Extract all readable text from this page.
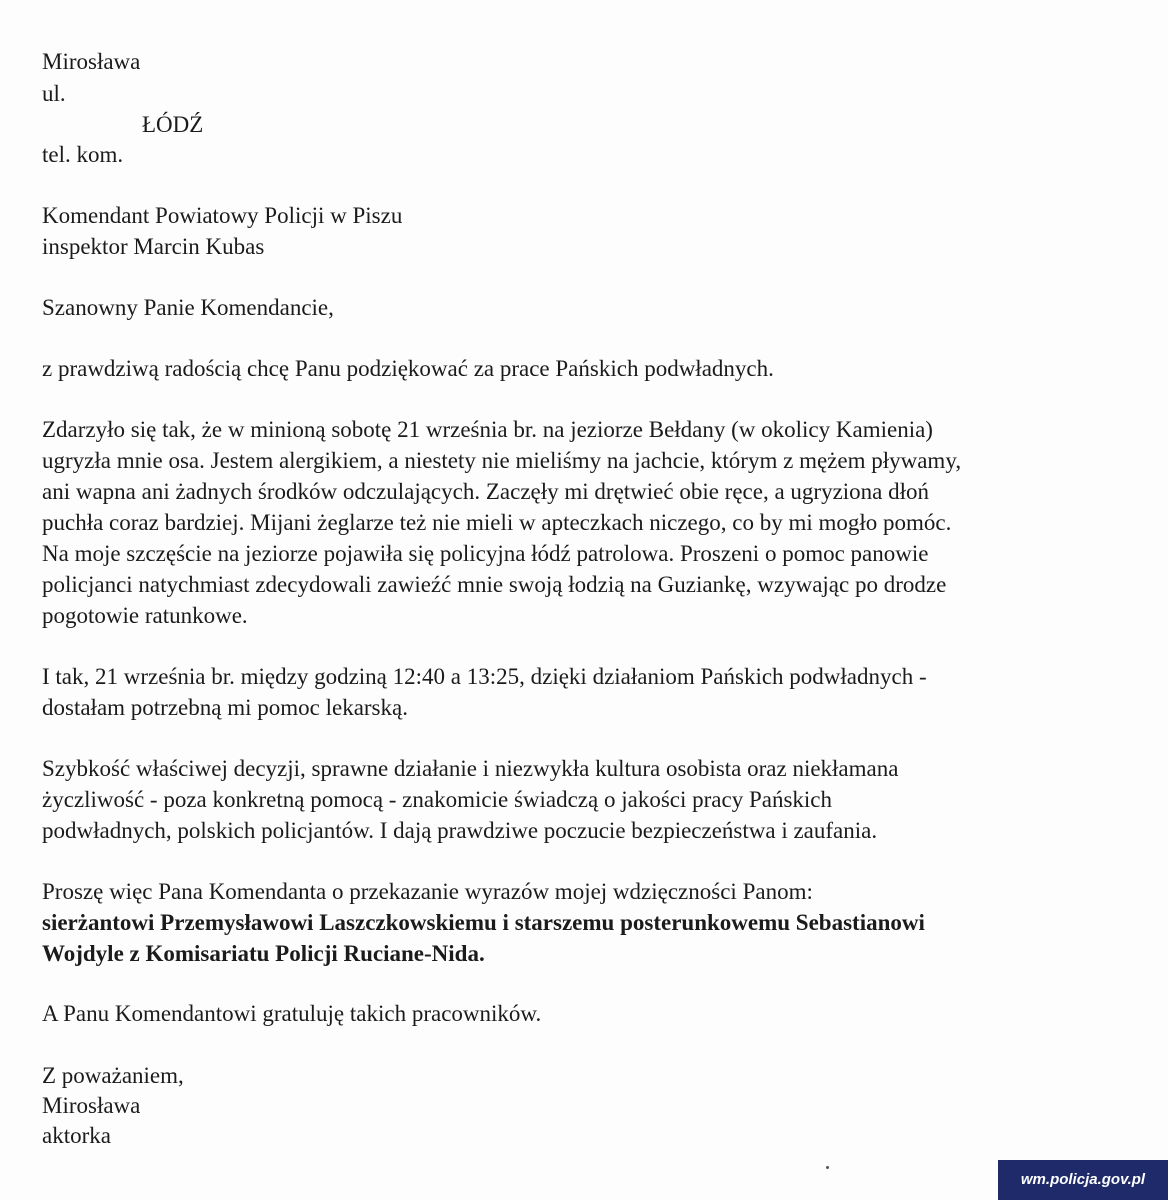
Mirosława
ul.
ŁÓDŹ
tel. kom.
Komendant Powiatowy Policji w Piszu
inspektor Marcin Kubas
Szanowny Panie Komendancie,
z prawdziwą radością chcę Panu podziękować za prace Pańskich podwładnych.
Zdarzyło się tak, że w minioną sobotę 21 września br. na jeziorze Bełdany (w okolicy Kamienia)
ugryzła mnie osa. Jestem alergikiem, a niestety nie mieliśmy na jachcie, którym z mężem pływamy,
ani wapna ani żadnych środków odczulających. Zaczęły mi drętwieć obie ręce, a ugryziona dłoń
puchła coraz bardziej. Mijani żeglarze też nie mieli w apteczkach niczego, co by mi mogło pomóc.
Na moje szczęście na jeziorze pojawiła się policyjna łódź patrolowa. Proszeni o pomoc panowie
policjanci natychmiast zdecydowali zawieźć mnie swoją łodzią na Guziankę, wzywając po drodze
pogotowie ratunkowe.
I tak, 21 września br. między godziną 12:40 a 13:25, dzięki działaniom Pańskich podwładnych -
dostałam potrzebną mi pomoc lekarską.
Szybkość właściwej decyzji, sprawne działanie i niezwykła kultura osobista oraz niekłamana
życzliwość - poza konkretną pomocą - znakomicie świadczą o jakości pracy Pańskich
podwładnych, polskich policjantów. I dają prawdziwe poczucie bezpieczeństwa i zaufania.
Proszę więc Pana Komendanta o przekazanie wyrazów mojej wdzięczności Panom:
sierżantowi Przemysławowi Laszczkowskiemu i starszemu posterunkowemu Sebastianowi
Wojdyle z Komisariatu Policji Ruciane-Nida.
A Panu Komendantowi gratuluję takich pracowników.
Z poważaniem,
Mirosława
aktorka
wm.policja.gov.pl
